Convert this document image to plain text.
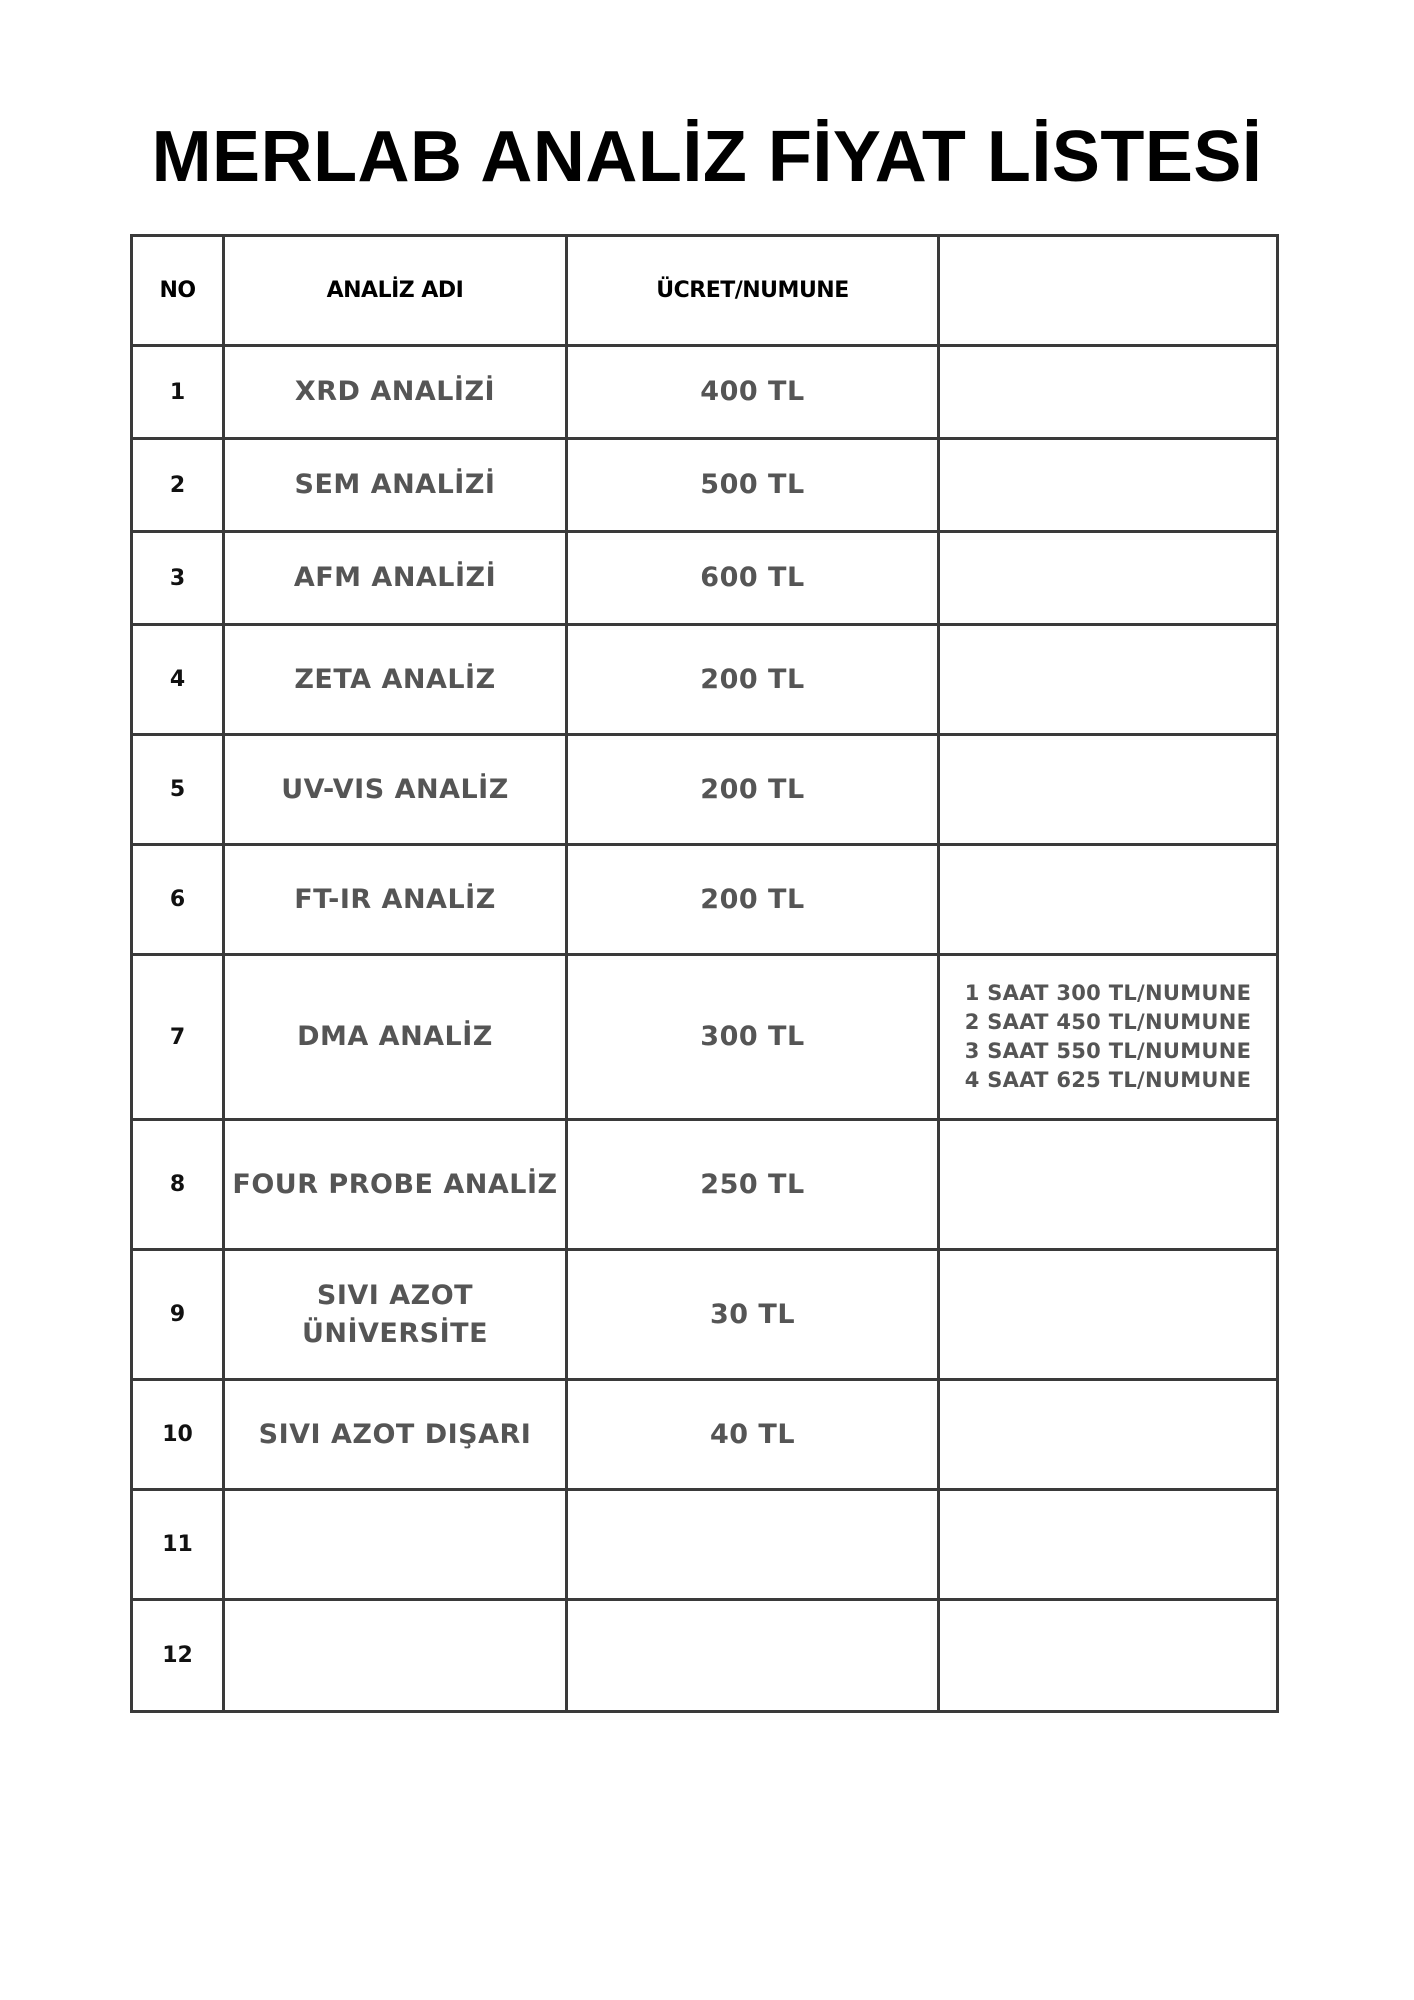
MERLAB ANALİZ FİYAT LİSTESİ
NO	ANALİZ ADI	ÜCRET/NUMUNE	
1	XRD ANALİZİ	400 TL	
2	SEM ANALİZİ	500 TL	
3	AFM ANALİZİ	600 TL	
4	ZETA ANALİZ	200 TL	
5	UV-VIS ANALİZ	200 TL	
6	FT-IR ANALİZ	200 TL	
7	DMA ANALİZ	300 TL	1 SAAT 300 TL/NUMUNE
2 SAAT 450 TL/NUMUNE
3 SAAT 550 TL/NUMUNE
4 SAAT 625 TL/NUMUNE

8	FOUR PROBE ANALİZ	250 TL	
9	SIVI AZOT ÜNİVERSİTE	30 TL	
10	SIVI AZOT DIŞARI	40 TL	
11			
12			
